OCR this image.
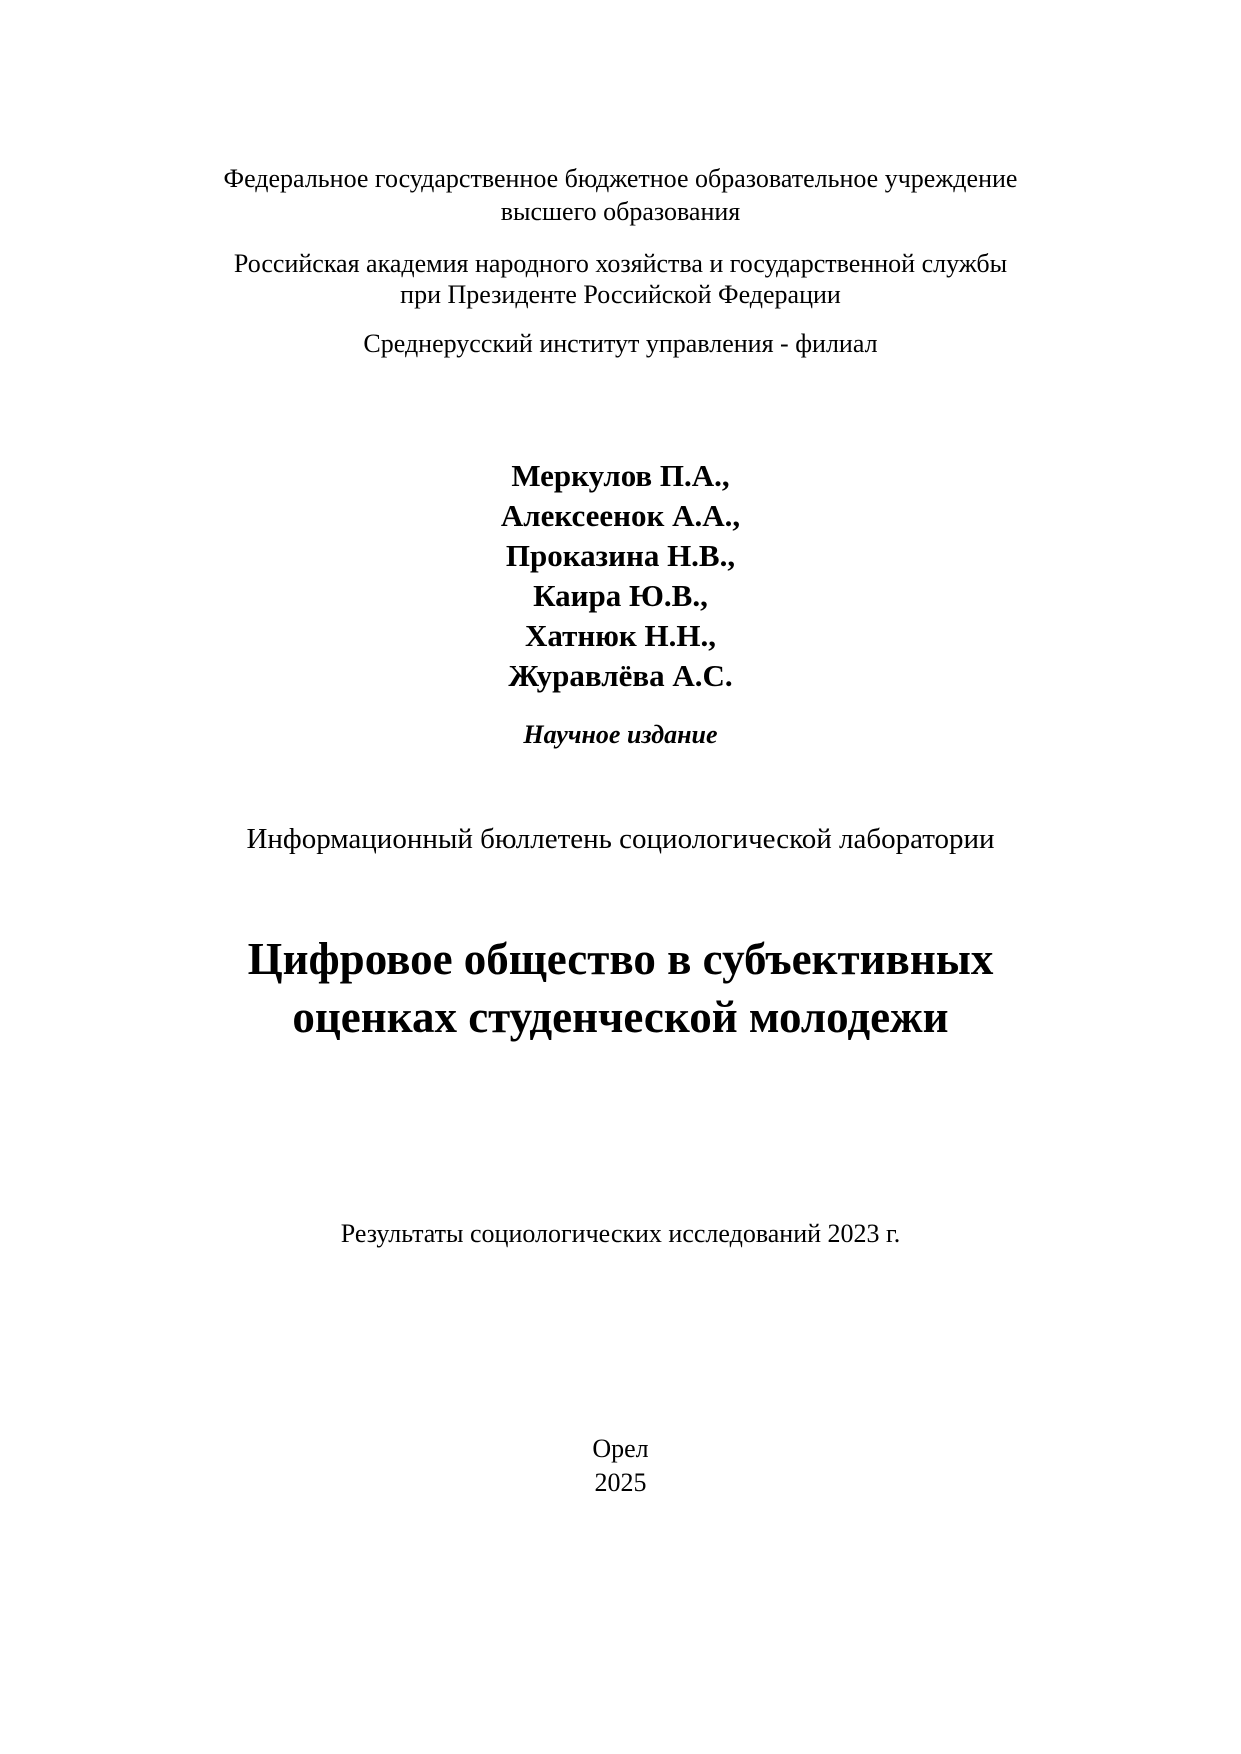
Федеральное государственное бюджетное образовательное учреждение
высшего образования
Российская академия народного хозяйства и государственной службы
при Президенте Российской Федерации
Среднерусский институт управления - филиал
Меркулов П.А.,
Алексеенок А.А.,
Проказина Н.В.,
Каира Ю.В.,
Хатнюк Н.Н.,
Журавлёва А.С.
Научное издание
Информационный бюллетень социологической лаборатории
Цифровое общество в субъективных
оценках студенческой молодежи
Результаты социологических исследований 2023 г.
Орел
2025
